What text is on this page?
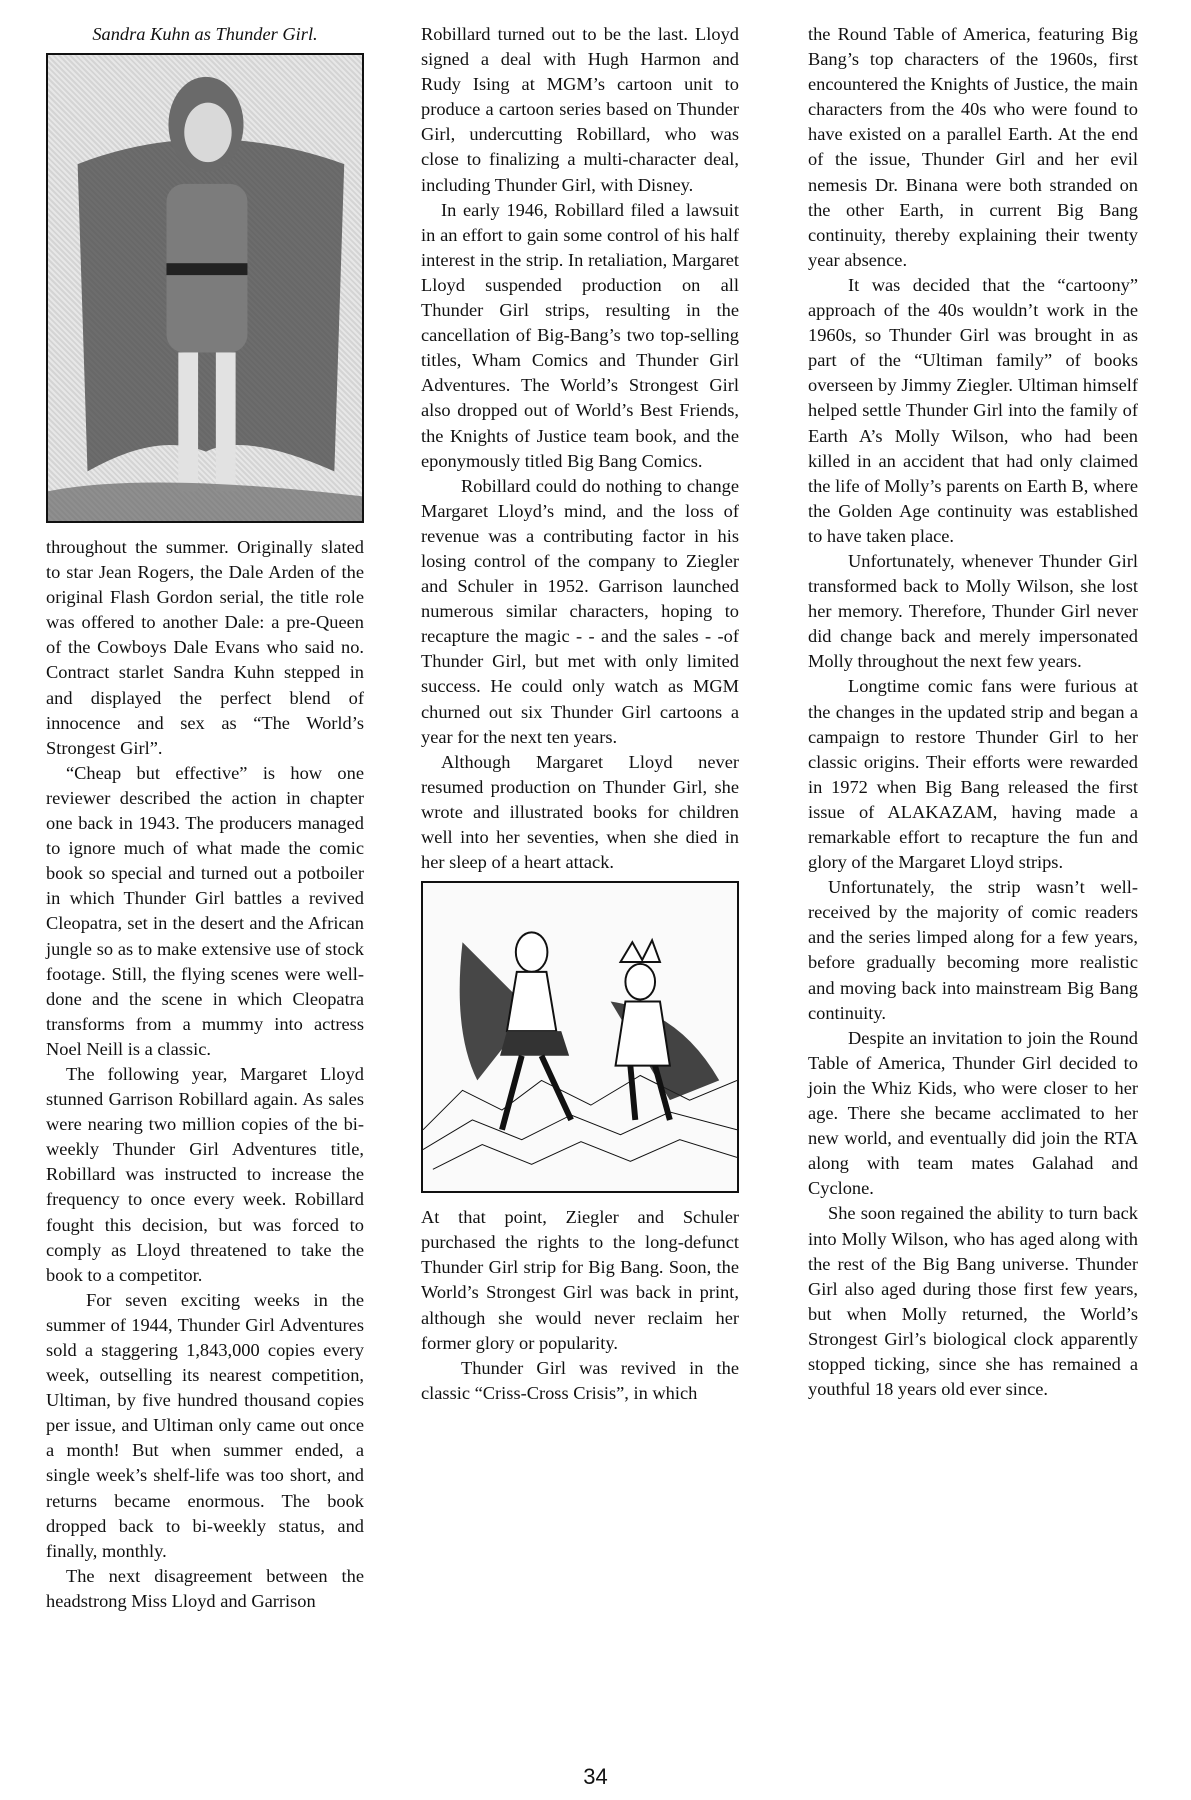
Sandra Kuhn as Thunder Girl.

throughout the summer. Originally slated to star Jean Rogers, the Dale Arden of the original Flash Gordon serial, the title role was offered to another Dale: a pre-Queen of the Cowboys Dale Evans who said no. Contract starlet Sandra Kuhn stepped in and displayed the perfect blend of innocence and sex as “The World’s Strongest Girl”.

“Cheap but effective” is how one reviewer described the action in chapter one back in 1943. The producers managed to ignore much of what made the comic book so special and turned out a potboiler in which Thunder Girl battles a revived Cleopatra, set in the desert and the African jungle so as to make extensive use of stock footage. Still, the flying scenes were well-done and the scene in which Cleopatra transforms from a mummy into actress Noel Neill is a classic.

The following year, Margaret Lloyd stunned Garrison Robillard again. As sales were nearing two million copies of the bi-weekly Thunder Girl Adventures title, Robillard was instructed to increase the frequency to once every week. Robillard fought this decision, but was forced to comply as Lloyd threatened to take the book to a competitor.

For seven exciting weeks in the summer of 1944, Thunder Girl Adventures sold a staggering 1,843,000 copies every week, outselling its nearest competition, Ultiman, by five hundred thousand copies per issue, and Ultiman only came out once a month! But when summer ended, a single week’s shelf-life was too short, and returns became enormous. The book dropped back to bi-weekly status, and finally, monthly.

The next disagreement between the headstrong Miss Lloyd and Garrison

Robillard turned out to be the last. Lloyd signed a deal with Hugh Harmon and Rudy Ising at MGM’s cartoon unit to produce a cartoon series based on Thunder Girl, undercutting Robillard, who was close to finalizing a multi-character deal, including Thunder Girl, with Disney.

In early 1946, Robillard filed a lawsuit in an effort to gain some control of his half interest in the strip. In retaliation, Margaret Lloyd suspended production on all Thunder Girl strips, resulting in the cancellation of Big-Bang’s two top-selling titles, Wham Comics and Thunder Girl Adventures. The World’s Strongest Girl also dropped out of World’s Best Friends, the Knights of Justice team book, and the eponymously titled Big Bang Comics.

Robillard could do nothing to change Margaret Lloyd’s mind, and the loss of revenue was a contributing factor in his losing control of the company to Ziegler and Schuler in 1952. Garrison launched numerous similar characters, hoping to recapture the magic - - and the sales - -of Thunder Girl, but met with only limited success. He could only watch as MGM churned out six Thunder Girl cartoons a year for the next ten years.

Although Margaret Lloyd never resumed production on Thunder Girl, she wrote and illustrated books for children well into her seventies, when she died in her sleep of a heart attack.

At that point, Ziegler and Schuler purchased the rights to the long-defunct Thunder Girl strip for Big Bang. Soon, the World’s Strongest Girl was back in print, although she would never reclaim her former glory or popularity.

Thunder Girl was revived in the classic “Criss-Cross Crisis”, in which

the Round Table of America, featuring Big Bang’s top characters of the 1960s, first encountered the Knights of Justice, the main characters from the 40s who were found to have existed on a parallel Earth. At the end of the issue, Thunder Girl and her evil nemesis Dr. Binana were both stranded on the other Earth, in current Big Bang continuity, thereby explaining their twenty year absence.

It was decided that the “cartoony” approach of the 40s wouldn’t work in the 1960s, so Thunder Girl was brought in as part of the “Ultiman family” of books overseen by Jimmy Ziegler. Ultiman himself helped settle Thunder Girl into the family of Earth A’s Molly Wilson, who had been killed in an accident that had only claimed the life of Molly’s parents on Earth B, where the Golden Age continuity was established to have taken place.

Unfortunately, whenever Thunder Girl transformed back to Molly Wilson, she lost her memory. Therefore, Thunder Girl never did change back and merely impersonated Molly throughout the next few years.

Longtime comic fans were furious at the changes in the updated strip and began a campaign to restore Thunder Girl to her classic origins. Their efforts were rewarded in 1972 when Big Bang released the first issue of ALAKAZAM, having made a remarkable effort to recapture the fun and glory of the Margaret Lloyd strips.

Unfortunately, the strip wasn’t well-received by the majority of comic readers and the series limped along for a few years, before gradually becoming more realistic and moving back into mainstream Big Bang continuity.

Despite an invitation to join the Round Table of America, Thunder Girl decided to join the Whiz Kids, who were closer to her age. There she became acclimated to her new world, and eventually did join the RTA along with team mates Galahad and Cyclone.

She soon regained the ability to turn back into Molly Wilson, who has aged along with the rest of the Big Bang universe. Thunder Girl also aged during those first few years, but when Molly returned, the World’s Strongest Girl’s biological clock apparently stopped ticking, since she has remained a youthful 18 years old ever since.

34
